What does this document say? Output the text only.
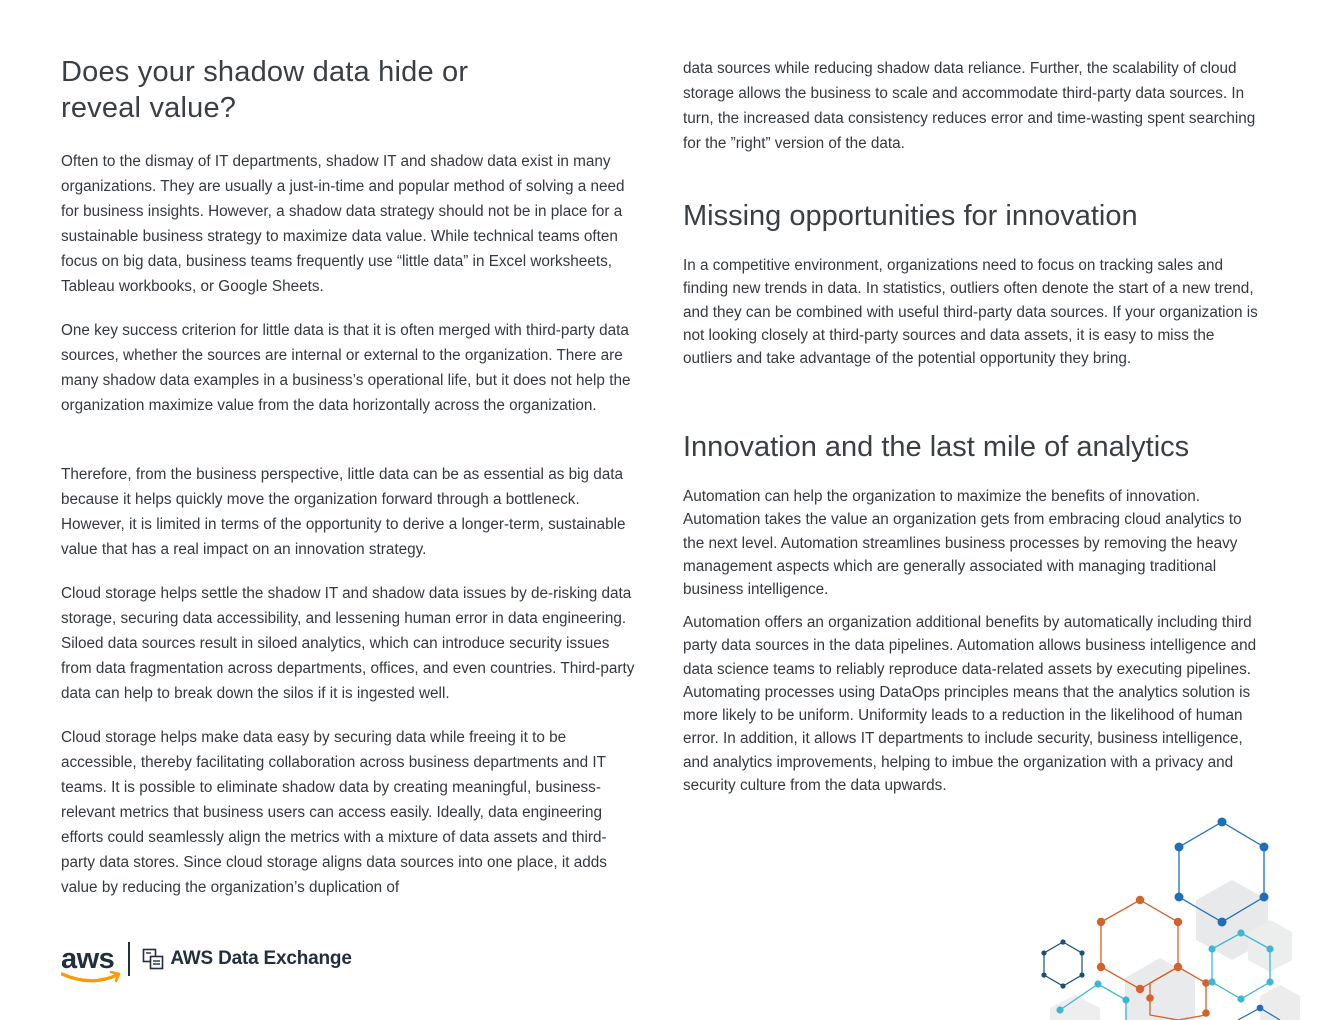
Does your shadow data hide or reveal value?

Often to the dismay of IT departments, shadow IT and shadow data exist in many organizations. They are usually a just-in-time and popular method of solving a need for business insights. However, a shadow data strategy should not be in place for a sustainable business strategy to maximize data value. While technical teams often focus on big data, business teams frequently use “little data” in Excel worksheets, Tableau workbooks, or Google Sheets.

One key success criterion for little data is that it is often merged with third-party data sources, whether the sources are internal or external to the organization. There are many shadow data examples in a business’s operational life, but it does not help the organization maximize value from the data horizontally across the organization.

Therefore, from the business perspective, little data can be as essential as big data because it helps quickly move the organization forward through a bottleneck. However, it is limited in terms of the opportunity to derive a longer-term, sustainable value that has a real impact on an innovation strategy.

Cloud storage helps settle the shadow IT and shadow data issues by de-risking data storage, securing data accessibility, and lessening human error in data engineering. Siloed data sources result in siloed analytics, which can introduce security issues from data fragmentation across departments, offices, and even countries. Third-party data can help to break down the silos if it is ingested well.

Cloud storage helps make data easy by securing data while freeing it to be accessible, thereby facilitating collaboration across business departments and IT teams. It is possible to eliminate shadow data by creating meaningful, business-relevant metrics that business users can access easily. Ideally, data engineering efforts could seamlessly align the metrics with a mixture of data assets and third-party data stores. Since cloud storage aligns data sources into one place, it adds value by reducing the organization’s duplication of

data sources while reducing shadow data reliance. Further, the scalability of cloud storage allows the business to scale and accommodate third-party data sources. In turn, the increased data consistency reduces error and time-wasting spent searching for the ”right” version of the data.

Missing opportunities for innovation

In a competitive environment, organizations need to focus on tracking sales and finding new trends in data. In statistics, outliers often denote the start of a new trend, and they can be combined with useful third-party data sources. If your organization is not looking closely at third-party sources and data assets, it is easy to miss the outliers and take advantage of the potential opportunity they bring.

Innovation and the last mile of analytics

Automation can help the organization to maximize the benefits of innovation. Automation takes the value an organization gets from embracing cloud analytics to the next level. Automation streamlines business processes by removing the heavy management aspects which are generally associated with managing traditional business intelligence.

Automation offers an organization additional benefits by automatically including third party data sources in the data pipelines. Automation allows business intelligence and data science teams to reliably reproduce data-related assets by executing pipelines. Automating processes using DataOps principles means that the analytics solution is more likely to be uniform. Uniformity leads to a reduction in the likelihood of human error. In addition, it allows IT departments to include security, business intelligence, and analytics improvements, helping to imbue the organization with a privacy and security culture from the data upwards.

aws	AWS Data Exchange
